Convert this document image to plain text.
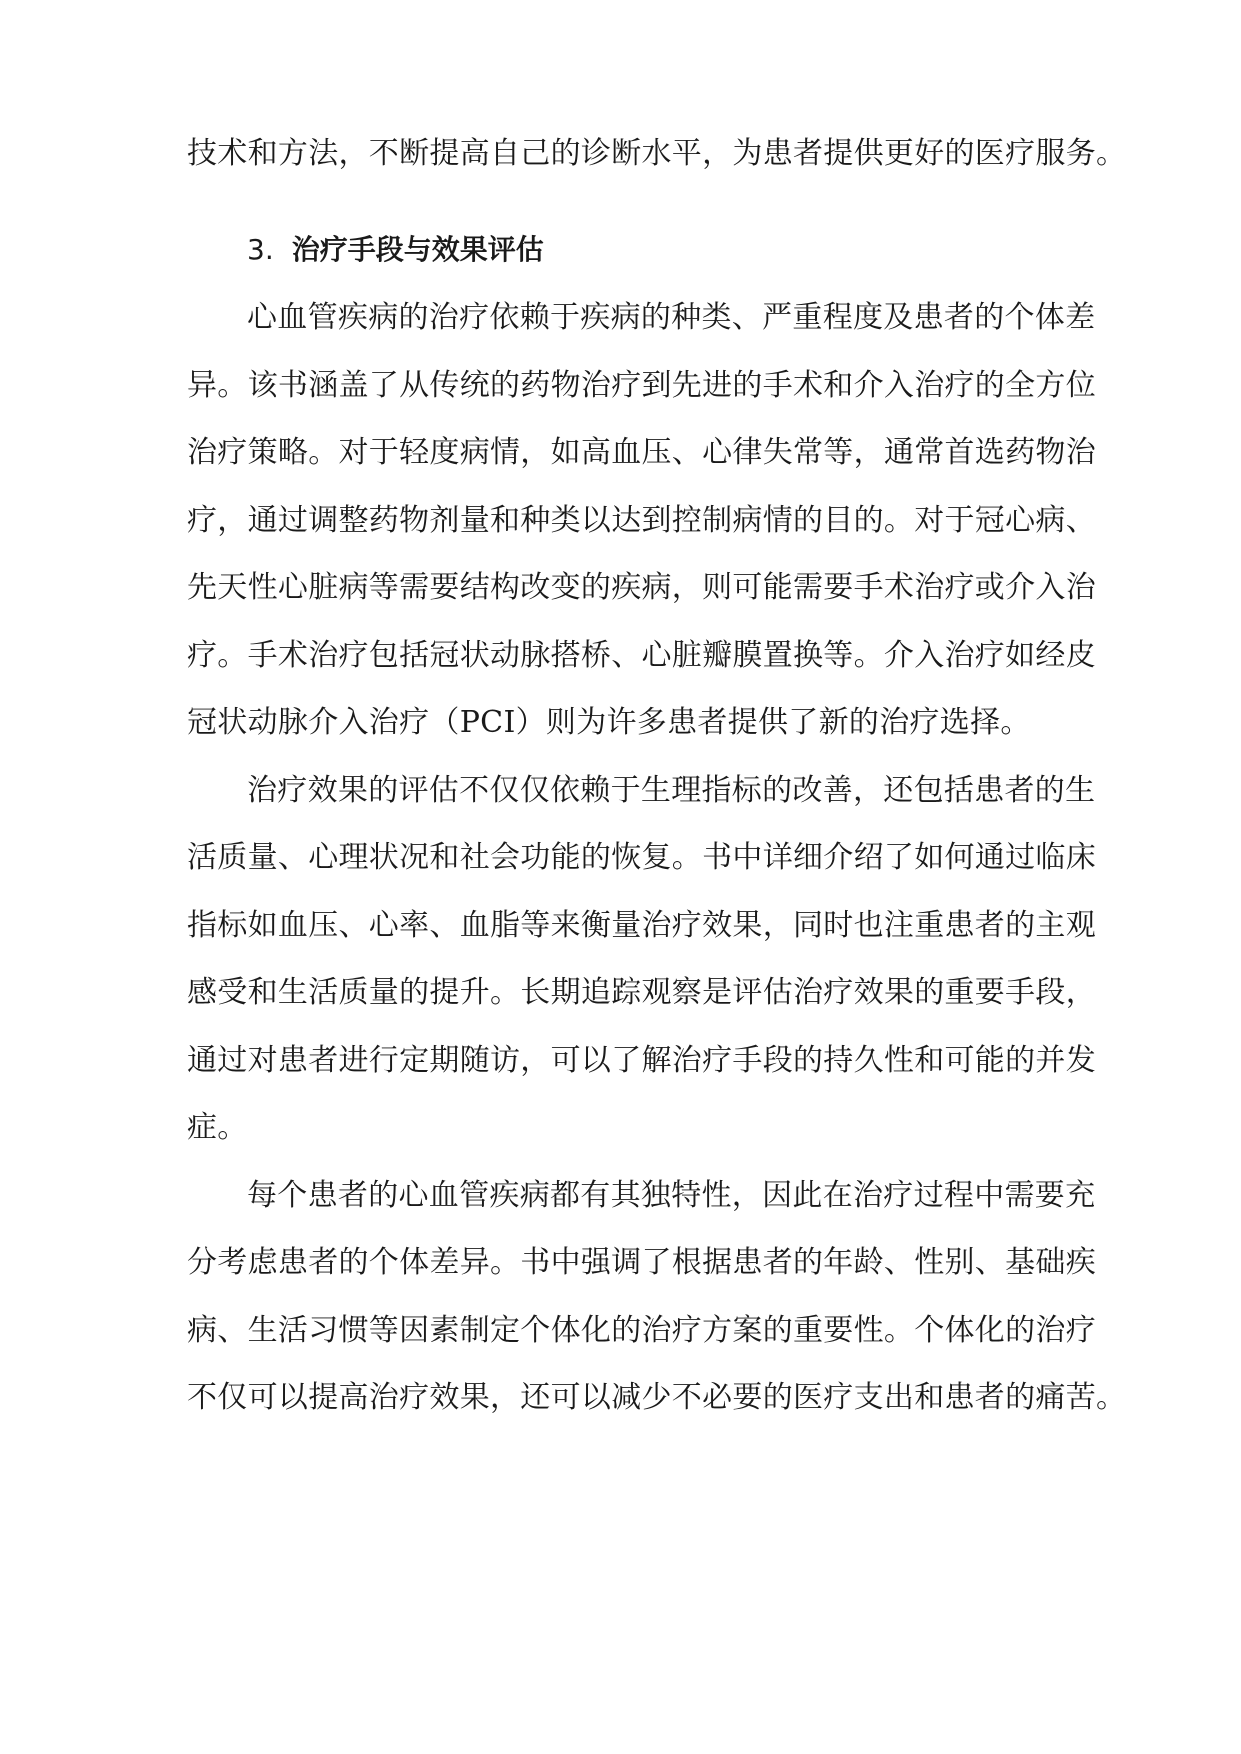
技术和方法，不断提高自己的诊断水平，为患者提供更好的医疗服务。
3. 治疗手段与效果评估
心血管疾病的治疗依赖于疾病的种类、严重程度及患者的个体差
异。该书涵盖了从传统的药物治疗到先进的手术和介入治疗的全方位
治疗策略。对于轻度病情，如高血压、心律失常等，通常首选药物治
疗，通过调整药物剂量和种类以达到控制病情的目的。对于冠心病、
先天性心脏病等需要结构改变的疾病，则可能需要手术治疗或介入治
疗。手术治疗包括冠状动脉搭桥、心脏瓣膜置换等。介入治疗如经皮
冠状动脉介入治疗（PCI）则为许多患者提供了新的治疗选择。
治疗效果的评估不仅仅依赖于生理指标的改善，还包括患者的生
活质量、心理状况和社会功能的恢复。书中详细介绍了如何通过临床
指标如血压、心率、血脂等来衡量治疗效果，同时也注重患者的主观
感受和生活质量的提升。长期追踪观察是评估治疗效果的重要手段，
通过对患者进行定期随访，可以了解治疗手段的持久性和可能的并发
症。
每个患者的心血管疾病都有其独特性，因此在治疗过程中需要充
分考虑患者的个体差异。书中强调了根据患者的年龄、性别、基础疾
病、生活习惯等因素制定个体化的治疗方案的重要性。个体化的治疗
不仅可以提高治疗效果，还可以减少不必要的医疗支出和患者的痛苦。
